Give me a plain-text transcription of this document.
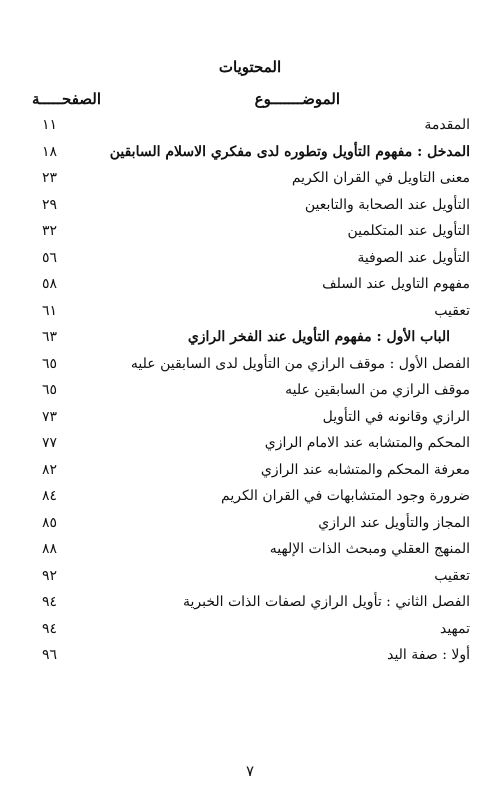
المحتويات
الموضـــــــوع
الصفحـــــة
المقدمة
١١
المدخل : مفهوم التأويل وتطوره لدى مفكري الاسلام السابقين
١٨
معنى التاويل في القران الكريم
٢٣
التأويل عند الصحابة والتابعين
٢٩
التأويل عند المتكلمين
٣٢
التأويل عند الصوفية
٥٦
مفهوم التاويل عند السلف
٥٨
تعقيب
٦١
الباب الأول : مفهوم التأويل عند الفخر الرازي
٦٣
الفصل الأول : موقف الرازي من التأويل لدى السابقين عليه
٦٥
موقف الرازي من السابقين عليه
٦٥
الرازي وقانونه في التأويل
٧٣
المحكم والمتشابه عند الامام الرازي
٧٧
معرفة المحكم والمتشابه عند الرازي
٨٢
ضرورة وجود المتشابهات في القران الكريم
٨٤
المجاز والتأويل عند الرازي
٨٥
المنهج العقلي ومبحث الذات الإلهيه
٨٨
تعقيب
٩٢
الفصل الثاني : تأويل الرازي لصفات الذات الخبرية
٩٤
تمهيد
٩٤
أولا : صفة اليد
٩٦
٧
